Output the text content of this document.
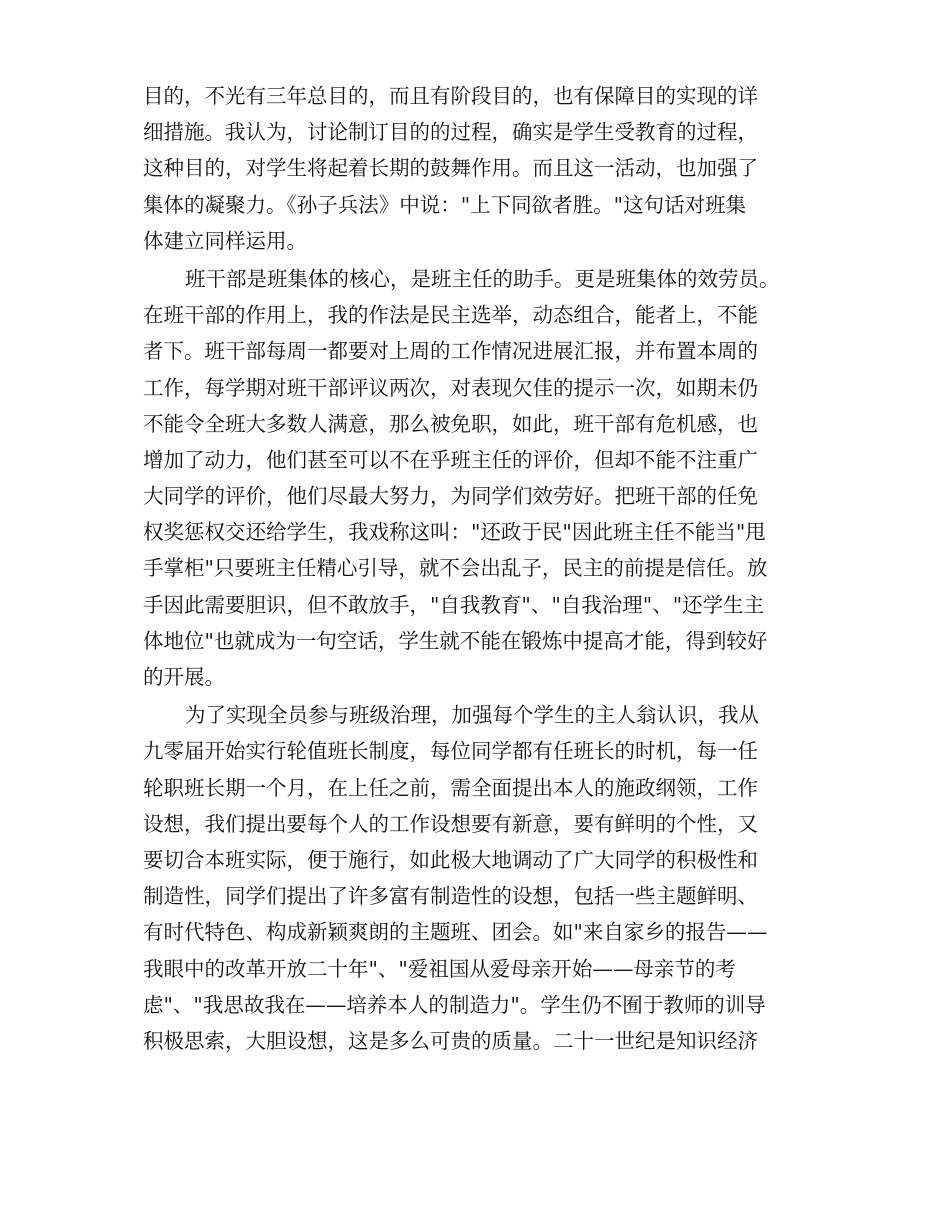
目的，不光有三年总目的，而且有阶段目的，也有保障目的实现的详
细措施。我认为，讨论制订目的的过程，确实是学生受教育的过程，
这种目的，对学生将起着长期的鼓舞作用。而且这一活动，也加强了
集体的凝聚力。《孙子兵法》中说："上下同欲者胜。"这句话对班集
体建立同样运用。
班干部是班集体的核心，是班主任的助手。更是班集体的效劳员。
在班干部的作用上，我的作法是民主选举，动态组合，能者上，不能
者下。班干部每周一都要对上周的工作情况进展汇报，并布置本周的
工作，每学期对班干部评议两次，对表现欠佳的提示一次，如期未仍
不能令全班大多数人满意，那么被免职，如此，班干部有危机感，也
增加了动力，他们甚至可以不在乎班主任的评价，但却不能不注重广
大同学的评价，他们尽最大努力，为同学们效劳好。把班干部的任免
权奖惩权交还给学生，我戏称这叫："还政于民"因此班主任不能当"甩
手掌柜"只要班主任精心引导，就不会出乱子，民主的前提是信任。放
手因此需要胆识，但不敢放手，"自我教育"、"自我治理"、"还学生主
体地位"也就成为一句空话，学生就不能在锻炼中提高才能，得到较好
的开展。
为了实现全员参与班级治理，加强每个学生的主人翁认识，我从
九零届开始实行轮值班长制度，每位同学都有任班长的时机，每一任
轮职班长期一个月，在上任之前，需全面提出本人的施政纲领，工作
设想，我们提出要每个人的工作设想要有新意，要有鲜明的个性，又
要切合本班实际，便于施行，如此极大地调动了广大同学的积极性和
制造性，同学们提出了许多富有制造性的设想，包括一些主题鲜明、
有时代特色、构成新颖爽朗的主题班、团会。如"来自家乡的报告——
我眼中的改革开放二十年"、"爱祖国从爱母亲开始——母亲节的考
虑"、"我思故我在——培养本人的制造力"。学生仍不囿于教师的训导
积极思索，大胆设想，这是多么可贵的质量。二十一世纪是知识经济
